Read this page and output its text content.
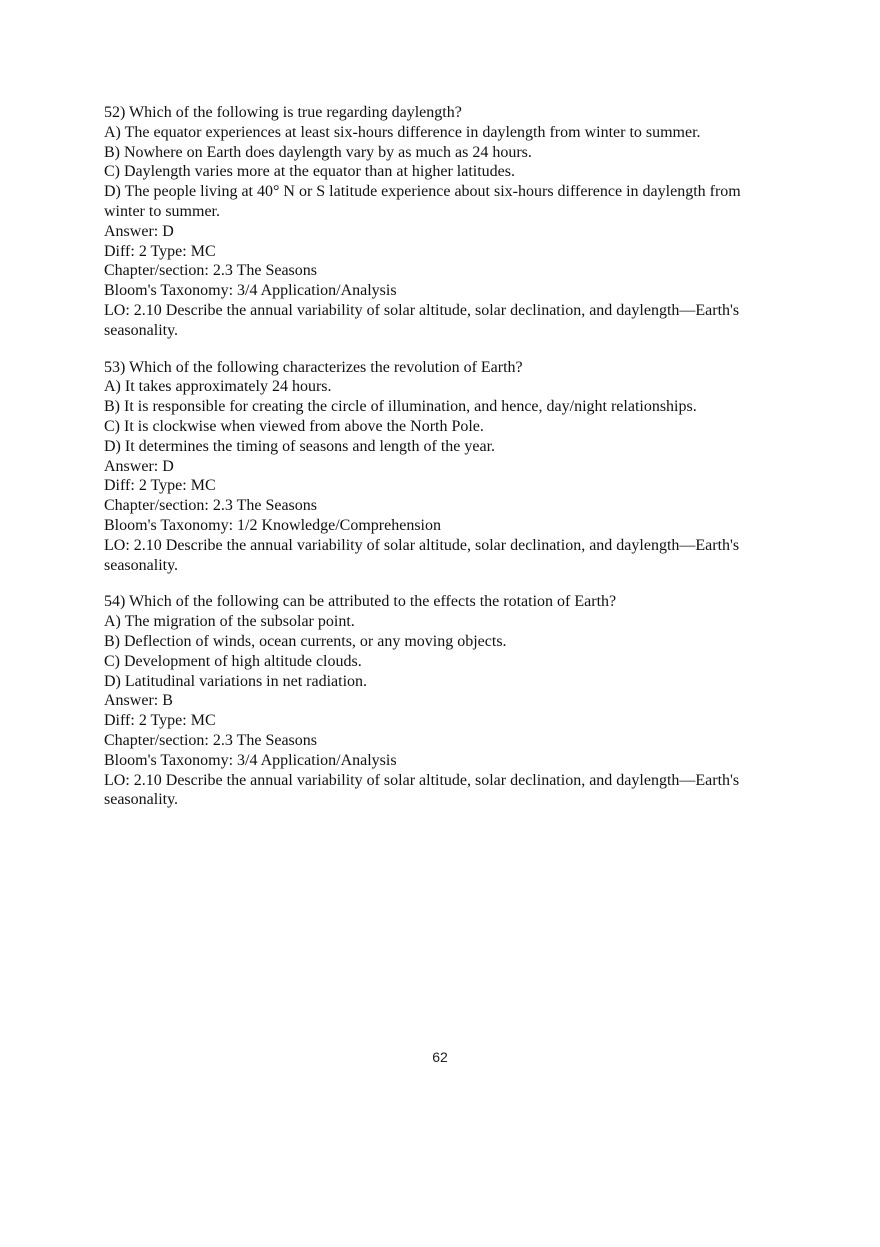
52) Which of the following is true regarding daylength?
A) The equator experiences at least six-hours difference in daylength from winter to summer.
B) Nowhere on Earth does daylength vary by as much as 24 hours.
C) Daylength varies more at the equator than at higher latitudes.
D) The people living at 40° N or S latitude experience about six-hours difference in daylength from winter to summer.
Answer: D
Diff: 2 Type: MC
Chapter/section: 2.3 The Seasons
Bloom's Taxonomy: 3/4 Application/Analysis
LO: 2.10 Describe the annual variability of solar altitude, solar declination, and daylength—Earth's seasonality.
53) Which of the following characterizes the revolution of Earth?
A) It takes approximately 24 hours.
B) It is responsible for creating the circle of illumination, and hence, day/night relationships.
C) It is clockwise when viewed from above the North Pole.
D) It determines the timing of seasons and length of the year.
Answer: D
Diff: 2 Type: MC
Chapter/section: 2.3 The Seasons
Bloom's Taxonomy: 1/2 Knowledge/Comprehension
LO: 2.10 Describe the annual variability of solar altitude, solar declination, and daylength—Earth's seasonality.
54) Which of the following can be attributed to the effects the rotation of Earth?
A) The migration of the subsolar point.
B) Deflection of winds, ocean currents, or any moving objects.
C) Development of high altitude clouds.
D) Latitudinal variations in net radiation.
Answer: B
Diff: 2 Type: MC
Chapter/section: 2.3 The Seasons
Bloom's Taxonomy: 3/4 Application/Analysis
LO: 2.10 Describe the annual variability of solar altitude, solar declination, and daylength—Earth's seasonality.
62
